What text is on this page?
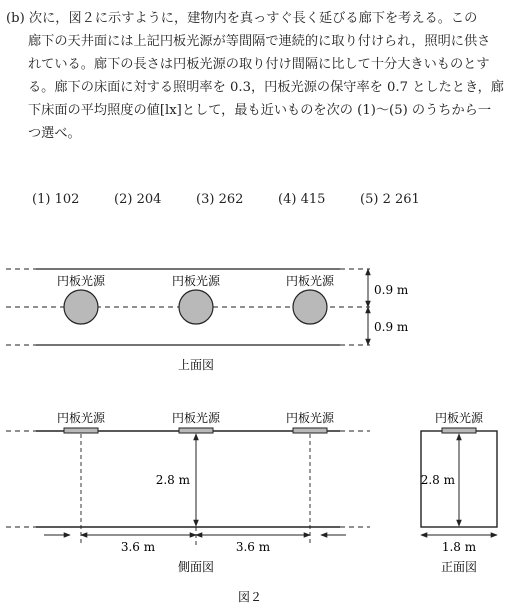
(b) 次に，図２に示すように，建物内を真っすぐ長く延びる廊下を考える。この
廊下の天井面には上記円板光源が等間隔で連続的に取り付けられ，照明に供さ
れている。廊下の長さは円板光源の取り付け間隔に比して十分大きいものとす
る。廊下の床面に対する照明率を 0.3，円板光源の保守率を 0.7 としたとき，廊
下床面の平均照度の値[lx]として，最も近いものを次の (1)～(5) のうちから一
つ選べ。
(1) 102	(2) 204	(3) 262	(4) 415	(5) 2 261
円板光源	円板光源	円板光源
0.9 m
0.9 m
上面図
円板光源	円板光源	円板光源
2.8 m
3.6 m	3.6 m
側面図
円板光源
2.8 m
1.8 m
正面図
図２
